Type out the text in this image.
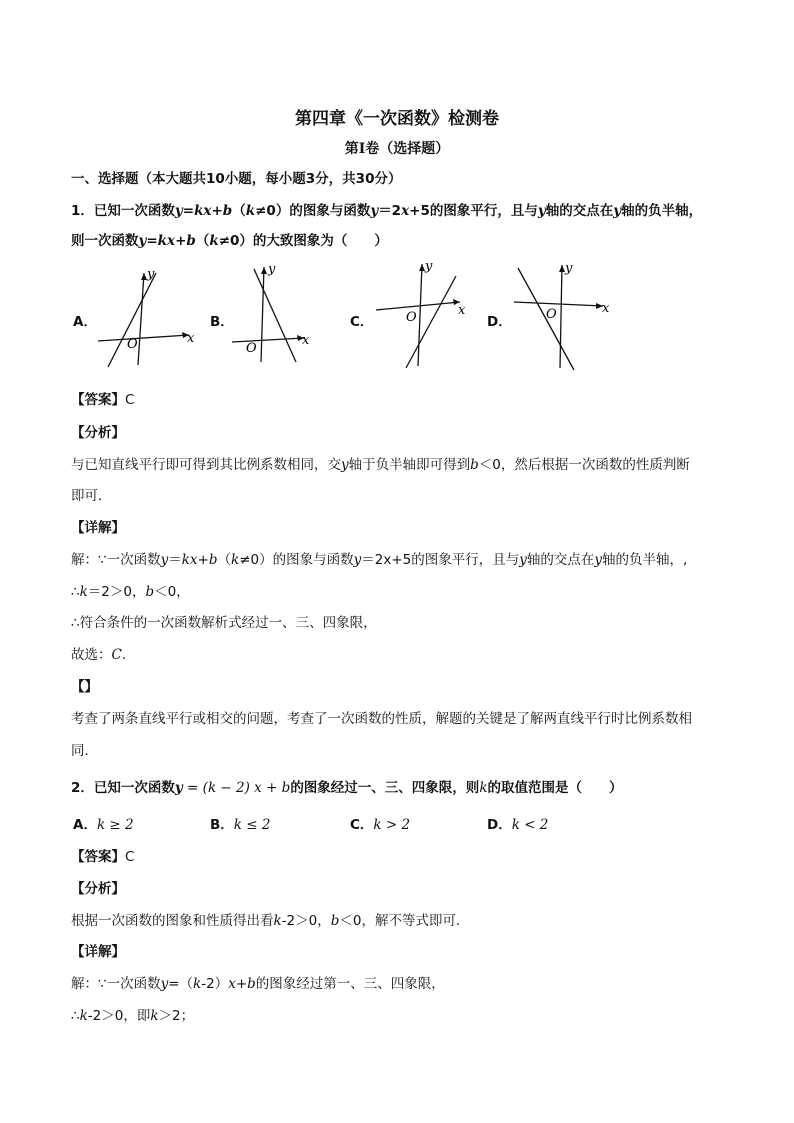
第四章《一次函数》检测卷
第I卷（选择题）
一、选择题（本大题共10小题，每小题3分，共30分）
1．已知一次函数y=kx+b（k≠0）的图象与函数y＝2x+5的图象平行，且与y轴的交点在y轴的负半轴，
则一次函数y=kx+b（k≠0）的大致图象为（　　）
A．
x
y
O
B．
x
y
O
C．
x
y
O	D．
x
y
O
【答案】C
【分析】
与已知直线平行即可得到其比例系数相同，交y轴于负半轴即可得到b＜0，然后根据一次函数的性质判断
即可．
【详解】
解：∵一次函数y＝kx+b（k≠0）的图象与函数y＝2x+5的图象平行，且与y轴的交点在y轴的负半轴，,
∴k＝2＞0，b＜0，
∴符合条件的一次函数解析式经过一、三、四象限，
故选：C．
【】
考查了两条直线平行或相交的问题，考查了一次函数的性质，解题的关键是了解两直线平行时比例系数相
同．
2．已知一次函数y = (k − 2) x + b的图象经过一、三、四象限，则k的取值范围是（　　）
A．k ≥ 2	B．k ≤ 2	C．k > 2	D．k < 2
【答案】C
【分析】
根据一次函数的图象和性质得出看k-2＞0，b＜0，解不等式即可．
【详解】
解：∵一次函数y=（k-2）x+b的图象经过第一、三、四象限，
∴k-2＞0，即k＞2；
